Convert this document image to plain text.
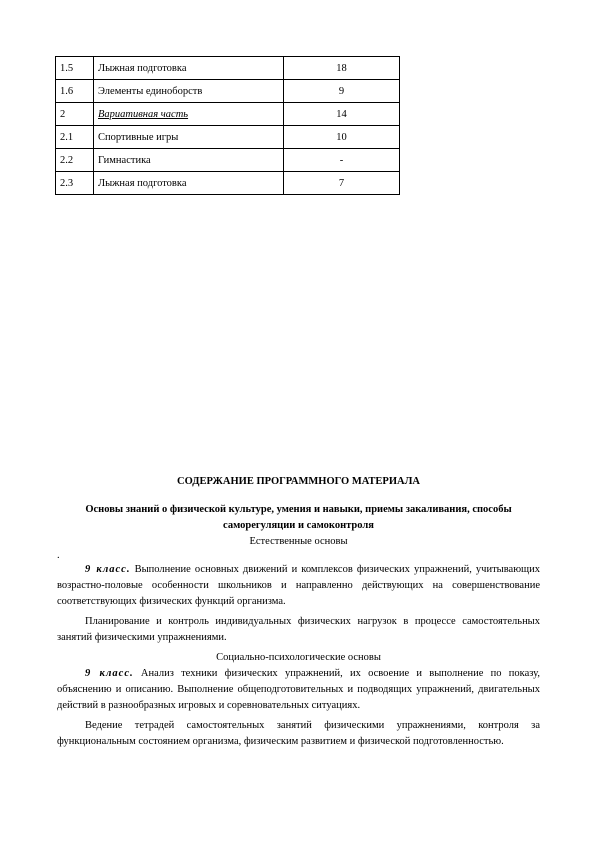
1.5	Лыжная подготовка	18
1.6	Элементы единоборств	9
2	Вариативная часть	14
2.1	Спортивные игры	10
2.2	Гимнастика	-
2.3	Лыжная подготовка	7
СОДЕРЖАНИЕ ПРОГРАММНОГО МАТЕРИАЛА
Основы знаний о физической культуре, умения и навыки, приемы закаливания, способы
саморегуляции и самоконтроля
Естественные основы
.

9 класс. Выполнение основных движений и комплексов физических упражнений, учитывающих возрастно-половые особенности школьников и направленно действующих на совершенствование соответствующих физических функций организма.

Планирование и контроль индивидуальных физических нагрузок в процессе самостоятельных занятий физическими упражнениями.

Социально-психологические основы

9 класс. Анализ техники физических упражнений, их освоение и выполнение по показу, объяснению и описанию. Выполнение общеподготовительных и подводящих упражнений, двигательных действий в разнообразных игровых и соревновательных ситуациях.

Ведение тетрадей самостоятельных занятий физическими упражнениями, контроля за функциональным состоянием организма, физическим развитием и физической подготовленностью.
